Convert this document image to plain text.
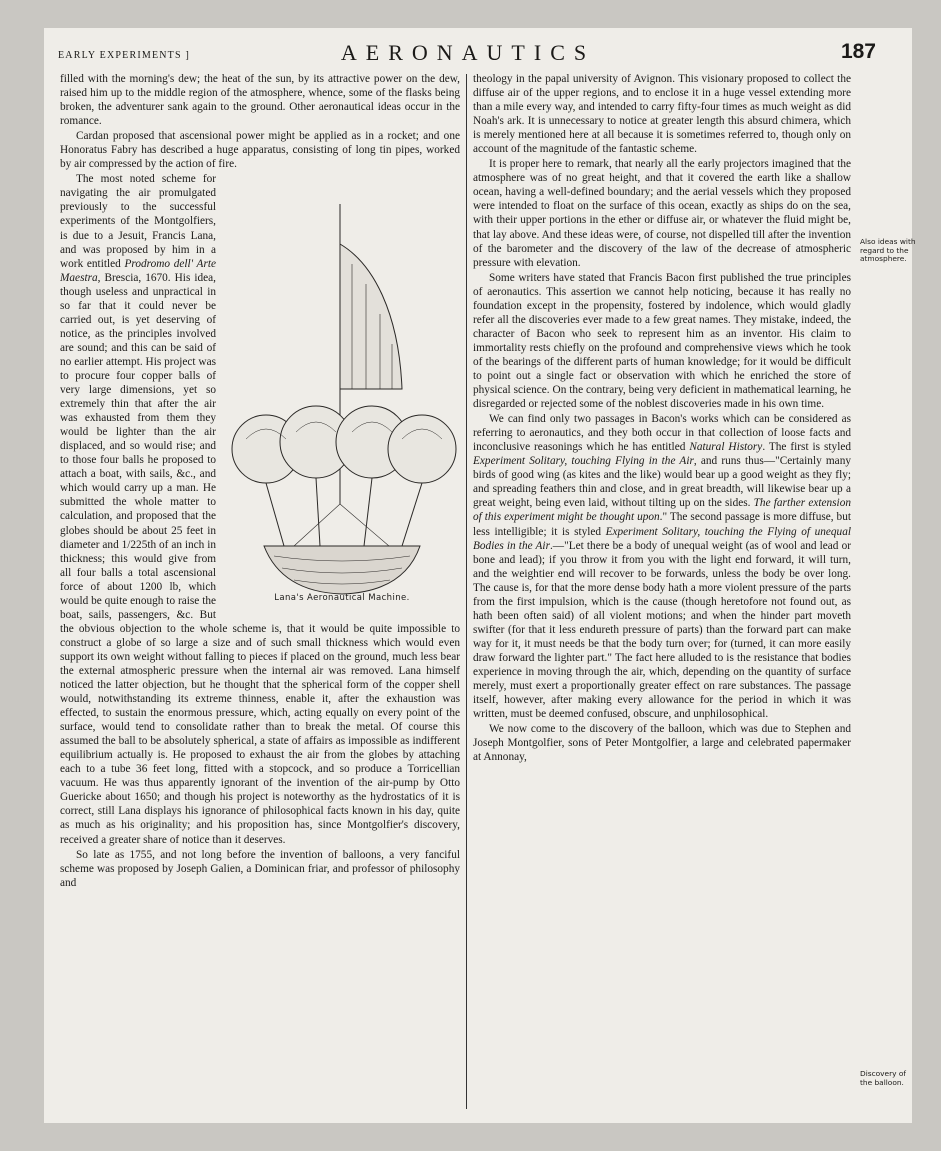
EARLY EXPERIMENTS ]	AERONAUTICS	187

filled with the morning's dew; the heat of the sun, by its attractive power on the dew, raised him up to the middle region of the atmosphere, whence, some of the flasks being broken, the adventurer sank again to the ground. Other aeronautical ideas occur in the romance.

Cardan proposed that ascensional power might be applied as in a rocket; and one Honoratus Fabry has described a huge apparatus, consisting of long tin pipes, worked by air compressed by the action of fire.

Lana's Aeronautical Machine.

The most noted scheme for navigating the air promulgated previously to the successful experiments of the Montgolfiers, is due to a Jesuit, Francis Lana, and was proposed by him in a work entitled Prodromo dell' Arte Maestra, Brescia, 1670. His idea, though useless and unpractical in so far that it could never be carried out, is yet deserving of notice, as the principles involved are sound; and this can be said of no earlier attempt. His project was to procure four copper balls of very large dimensions, yet so extremely thin that after the air was exhausted from them they would be lighter than the air displaced, and so would rise; and to those four balls he proposed to attach a boat, with sails, &c., and which would carry up a man. He submitted the whole matter to calculation, and proposed that the globes should be about 25 feet in diameter and 1/225th of an inch in thickness; this would give from all four balls a total ascensional force of about 1200 lb, which would be quite enough to raise the boat, sails, passengers, &c. But the obvious objection to the whole scheme is, that it would be quite impossible to construct a globe of so large a size and of such small thickness which would even support its own weight without falling to pieces if placed on the ground, much less bear the external atmospheric pressure when the internal air was removed. Lana himself noticed the latter objection, but he thought that the spherical form of the copper shell would, notwithstanding its extreme thinness, enable it, after the exhaustion was effected, to sustain the enormous pressure, which, acting equally on every point of the surface, would tend to consolidate rather than to break the metal. Of course this assumed the ball to be absolutely spherical, a state of affairs as impossible as indifferent equilibrium actually is. He proposed to exhaust the air from the globes by attaching each to a tube 36 feet long, fitted with a stopcock, and so produce a Torricellian vacuum. He was thus apparently ignorant of the invention of the air-pump by Otto Guericke about 1650; and though his project is noteworthy as the hydrostatics of it is correct, still Lana displays his ignorance of philosophical facts known in his day, quite as much as his originality; and his proposition has, since Montgolfier's discovery, received a greater share of notice than it deserves.

So late as 1755, and not long before the invention of balloons, a very fanciful scheme was proposed by Joseph Galien, a Dominican friar, and professor of philosophy and

theology in the papal university of Avignon. This visionary proposed to collect the diffuse air of the upper regions, and to enclose it in a huge vessel extending more than a mile every way, and intended to carry fifty-four times as much weight as did Noah's ark. It is unnecessary to notice at greater length this absurd chimera, which is merely mentioned here at all because it is sometimes referred to, though only on account of the magnitude of the fantastic scheme.

It is proper here to remark, that nearly all the early projectors imagined that the atmosphere was of no great height, and that it covered the earth like a shallow ocean, having a well-defined boundary; and the aerial vessels which they proposed were intended to float on the surface of this ocean, exactly as ships do on the sea, with their upper portions in the ether or diffuse air, or whatever the fluid might be, that lay above. And these ideas were, of course, not dispelled till after the invention of the barometer and the discovery of the law of the decrease of atmospheric pressure with elevation.

Some writers have stated that Francis Bacon first published the true principles of aeronautics. This assertion we cannot help noticing, because it has really no foundation except in the propensity, fostered by indolence, which would gladly refer all the discoveries ever made to a few great names. They mistake, indeed, the character of Bacon who seek to represent him as an inventor. His claim to immortality rests chiefly on the profound and comprehensive views which he took of the bearings of the different parts of human knowledge; for it would be difficult to point out a single fact or observation with which he enriched the store of physical science. On the contrary, being very deficient in mathematical learning, he disregarded or rejected some of the noblest discoveries made in his own time.

We can find only two passages in Bacon's works which can be considered as referring to aeronautics, and they both occur in that collection of loose facts and inconclusive reasonings which he has entitled Natural History. The first is styled Experiment Solitary, touching Flying in the Air, and runs thus—"Certainly many birds of good wing (as kites and the like) would bear up a good weight as they fly; and spreading feathers thin and close, and in great breadth, will likewise bear up a great weight, being even laid, without tilting up on the sides. The farther extension of this experiment might be thought upon." The second passage is more diffuse, but less intelligible; it is styled Experiment Solitary, touching the Flying of unequal Bodies in the Air.—"Let there be a body of unequal weight (as of wool and lead or bone and lead); if you throw it from you with the light end forward, it will turn, and the weightier end will recover to be forwards, unless the body be over long. The cause is, for that the more dense body hath a more violent pressure of the parts from the first impulsion, which is the cause (though heretofore not found out, as hath been often said) of all violent motions; and when the hinder part moveth swifter (for that it less endureth pressure of parts) than the forward part can make way for it, it must needs be that the body turn over; for (turned, it can more easily draw forward the lighter part." The fact here alluded to is the resistance that bodies experience in moving through the air, which, depending on the quantity of surface merely, must exert a proportionally greater effect on rare substances. The passage itself, however, after making every allowance for the period in which it was written, must be deemed confused, obscure, and unphilosophical.

We now come to the discovery of the balloon, which was due to Stephen and Joseph Montgolfier, sons of Peter Montgolfier, a large and celebrated papermaker at Annonay,

Also ideas with regard to the atmosphere.
Discovery of the balloon.
